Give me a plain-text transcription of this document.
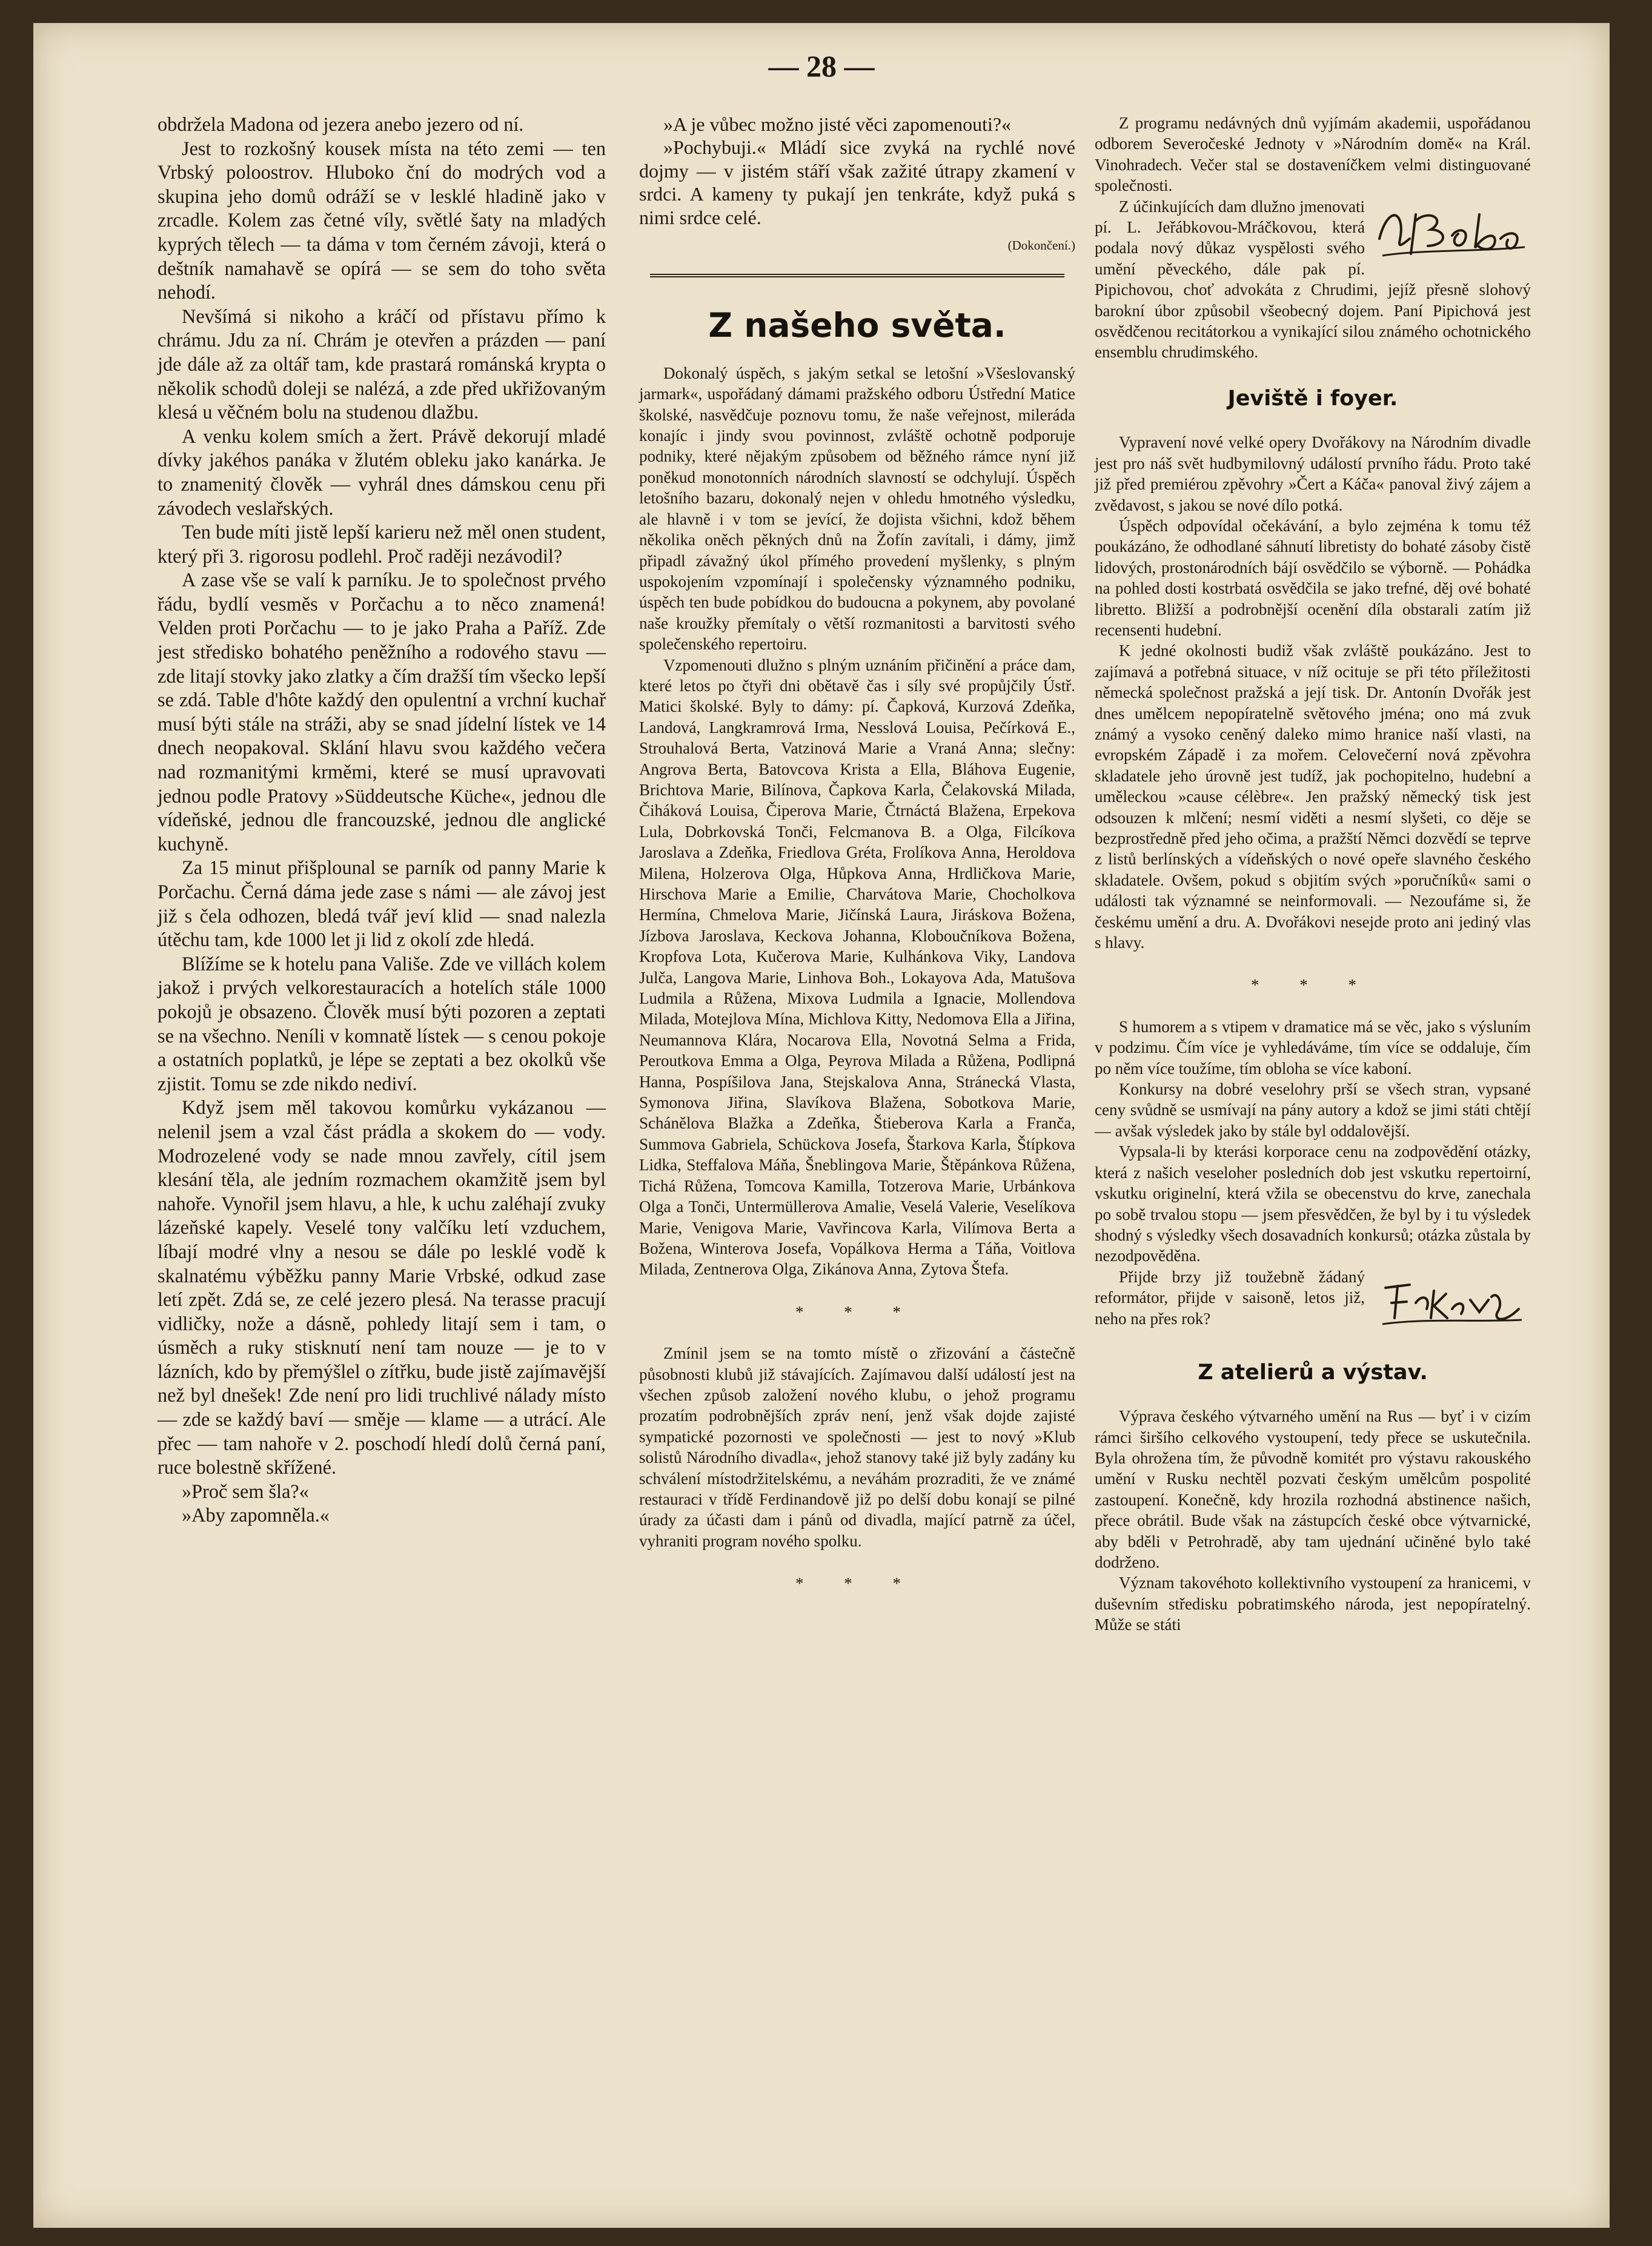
— 28 —

obdržela Madona od jezera anebo jezero od ní.

Jest to rozkošný kousek místa na této zemi — ten Vrbský poloostrov. Hluboko ční do modrých vod a skupina jeho domů odráží se v lesklé hladině jako v zrcadle. Kolem zas četné víly, světlé šaty na mladých kyprých tělech — ta dáma v tom černém závoji, která o deštník namahavě se opírá — se sem do toho světa nehodí.

Nevšímá si nikoho a kráčí od přístavu přímo k chrámu. Jdu za ní. Chrám je otevřen a prázden — paní jde dále až za oltář tam, kde prastará románská krypta o několik schodů doleji se nalézá, a zde před ukřižovaným klesá u věčném bolu na studenou dlažbu.

A venku kolem smích a žert. Právě dekorují mladé dívky jakéhos panáka v žlutém obleku jako kanárka. Je to znamenitý člověk — vyhrál dnes dámskou cenu při závodech veslařských.

Ten bude míti jistě lepší karieru než měl onen student, který při 3. rigorosu podlehl. Proč raději nezávodil?

A zase vše se valí k parníku. Je to společnost prvého řádu, bydlí vesměs v Porčachu a to něco znamená! Velden proti Porčachu — to je jako Praha a Paříž. Zde jest střediskо bohatého peněžního a rodového stavu — zde litají stovky jako zlatky a čím dražší tím všecko lepší se zdá. Table d'hôte každý den opulentní a vrchní kuchař musí býti stále na stráži, aby se snad jídelní lístek ve 14 dnech neopakoval. Sklání hlavu svou každého večera nad rozmanitými krměmi, které se musí upravovati jednou podle Pratovy »Süddeutsche Küche«, jednou dle vídeňské, jednou dle francouzské, jednou dle anglické kuchyně.

Za 15 minut přišplounal se parník od panny Marie k Porčachu. Černá dáma jede zase s námi — ale závoj jest již s čela odhozen, bledá tvář jeví klid — snad nalezla útěchu tam, kde 1000 let ji lid z okolí zde hledá.

Blížíme se k hotelu pana Vališe. Zde ve villách kolem jakož i prvých velkorestauracích a hotelích stále 1000 pokojů je obsazeno. Člověk musí býti pozoren a zeptati se na všechno. Neníli v komnatě lístek — s cenou pokoje a ostatních poplatků, je lépe se zeptati a bez okolků vše zjistit. Tomu se zde nikdo nediví.

Když jsem měl takovou komůrku vykázanou — nelenil jsem a vzal část prádla a skokem do — vody. Modrozelené vody se nade mnou zavřely, cítil jsem klesání těla, ale jedním rozmachem okamžitě jsem byl nahoře. Vynořil jsem hlavu, a hle, k uchu zaléhají zvuky lázeňské kapely. Veselé tony valčíku letí vzduchem, líbají modré vlny a nesou se dále po lesklé vodě k skalnatému výběžku panny Marie Vrbské, odkud zase letí zpět. Zdá se, ze celé jezero plesá. Na terasse pracují vidličky, nože a dásně, pohledy litají sem i tam, o úsměch a ruky stisknutí není tam nouze — je to v lázních, kdo by přemýšlel o zítřku, bude jistě zajímavější než byl dnešek! Zde není pro lidi truchlivé nálady místo — zde se každý baví — směje — klame — a utrácí. Ale přec — tam nahoře v 2. poschodí hledí dolů černá paní, ruce bolestně skřížené.

»Proč sem šla?«

»Aby zapomněla.«

»A je vůbec možno jisté věci zapomenouti?«

»Pochybuji.« Mládí sice zvyká na rychlé nové dojmy — v jistém stáří však zažité útrapy zkamení v srdci. A kameny ty pukají jen tenkráte, když puká s nimi srdce celé.

(Dokončení.)
Z našeho světa.

Dokonalý úspěch, s jakým setkal se letošní »Všeslovanský jarmark«, uspořádaný dámami pražského odboru Ústřední Matice školské, nasvědčuje poznovu tomu, že naše veřejnost, mileráda konajíc i jindy svou povinnost, zvláště ochotně podporuje podniky, které nějakým způsobem od běžného rámce nyní již poněkud monotonních národních slavností se odchylují. Úspěch letošního bazaru, dokonalý nejen v ohledu hmotného výsledku, ale hlavně i v tom se jevící, že dojista všichni, kdož během několika oněch pěkných dnů na Žofín zavítali, i dámy, jimž připadl závažný úkol přímého provedení myšlenky, s plným uspokojením vzpomínají i společensky významného podniku, úspěch ten bude pobídkou do budoucna a pokynem, aby povolané naše kroužky přemítaly o větší rozmanitosti a barvitosti svého společenského repertoiru.

Vzpomenouti dlužno s plným uznáním přičinění a práce dam, které letos po čtyři dni obětavě čas i síly své propůjčily Ústř. Matici školské. Byly to dámy: pí. Čapková, Kurzová Zdeňka, Landová, Langkramrová Irma, Nesslová Louisa, Pečírková E., Strouhalová Berta, Vatzinová Marie a Vraná Anna; slečny: Angrova Berta, Batovcova Krista a Ella, Bláhova Eugenie, Brichtova Marie, Bilínova, Čapkova Karla, Čelakovská Milada, Čiháková Louisa, Čiperova Marie, Čtrnáctá Blažena, Erpekova Lula, Dobrkovská Tonči, Felcmanova B. a Olga, Filcíkova Jaroslava a Zdeňka, Friedlova Gréta, Frolíkova Anna, Heroldova Milena, Holzerova Olga, Hůpkova Anna, Hrdličkova Marie, Hirschova Marie a Emilie, Charvátova Marie, Chocholkova Hermína, Chmelova Marie, Jičínská Laura, Jiráskova Božena, Jízbova Jaroslava, Keckova Johanna, Kloboučníkova Božena, Kropfova Lota, Kučerova Marie, Kulhánkova Viky, Landova Julča, Langova Marie, Linhova Boh., Lokayova Ada, Matušova Ludmila a Růžena, Mixova Ludmila a Ignacie, Mollendova Milada, Motejlova Mína, Michlova Kitty, Nedomova Ella a Jiřina, Neumannova Klára, Nocarova Ella, Novotná Selma a Frida, Peroutkova Emma a Olga, Peyrova Milada a Růžena, Podlipná Hanna, Pospíšilova Jana, Stejskalova Anna, Stránecká Vlasta, Symonova Jiřina, Slavíkova Blažena, Sobotkova Marie, Schánělova Blažka a Zdeňka, Štieberova Karla a Franča, Summova Gabriela, Schückova Josefa, Štarkova Karla, Štípkova Lidka, Steffalova Máňa, Šneblingova Marie, Štěpánkova Růžena, Tichá Růžena, Tomcova Kamilla, Totzerova Marie, Urbánkova Olga a Tonči, Untermüllerova Amalie, Veselá Valerie, Veselíkova Marie, Venigova Marie, Vavřincova Karla, Vilímova Berta a Božena, Winterova Josefa, Vopálkova Herma a Táňa, Voitlova Milada, Zentnerova Olga, Zikánova Anna, Zytova Štefa.

* * *

Zmínil jsem se na tomto místě o zřizování a částečně působnosti klubů již stávajících. Zajímavou další událostí jest na všechen způsob založení nového klubu, o jehož programu prozatím podrobnějších zpráv není, jenž však dojde zajisté sympatické pozornosti ve společnosti — jest to nový »Klub solistů Národního divadla«, jehož stanovy také již byly zadány ku schválení místodržitelskému, a neváhám prozraditi, že ve známé restauraci v třídě Ferdinandově již po delší dobu konají se pilné úrady za účasti dam i pánů od divadla, mající patrně za účel, vyhraniti program nového spolku.

* * *

Z programu nedávných dnů vyjímám akademii, uspořádanou odborem Severočeské Jednoty v »Národním domě« na Král. Vinohradech. Večer stal se dostaveníčkem velmi distinguované společnosti.

Z účinkujících dam dlužno jmenovati pí. L. Jeřábkovou-Mráčkovou, která podala nový důkaz vyspělosti svého umění pěveckého, dále pak pí. Pipichovou, choť advokáta z Chrudimi, jejíž přesně slohový barokní úbor způsobil všeobecný dojem. Paní Pipichová jest osvědčenou recitátorkou a vynikající silou známého ochotnického ensemblu chrudimského.

Jeviště i foyer.

Vypravení nové velké opery Dvořákovy na Národním divadle jest pro náš svět hudbymilovný událostí prvního řádu. Proto také již před premiérou zpěvohry »Čert a Káča« panoval živý zájem a zvědavost, s jakou se nové dílo potká.

Úspěch odpovídal očekávání, a bylo zejména k tomu též poukázáno, že odhodlané sáhnutí libretisty do bohaté zásoby čistě lidových, prostonárodních bájí osvědčilo se výborně. — Pohádka na pohled dosti kostrbatá osvědčila se jako trefné, děj ové bohaté libretto. Bližší a podrobnější ocenění díla obstarali zatím již recensenti hudební.

K jedné okolnosti budiž však zvláště poukázáno. Jest to zajímavá a potřebná situace, v níž ocituje se při této příležitosti německá společnost pražská a její tisk. Dr. Antonín Dvořák jest dnes umělcem nepopíratelně světového jména; ono má zvuk známý a vysoko ceněný daleko mimo hranice naší vlasti, na evropském Západě i za mořem. Celovečerní nová zpěvohra skladatele jeho úrovně jest tudíž, jak pochopitelno, hudební a uměleckou »cause célèbre«. Jen pražský německý tisk jest odsouzen k mlčení; nesmí viděti a nesmí slyšeti, co děje se bezprostředně před jeho očima, a pražští Němci dozvědí se teprve z listů berlínských a vídeňských o nové opeře slavného českého skladatele. Ovšem, pokud s objitím svých »poručníků« sami o události tak významné se neinformovali. — Nezoufáme si, že českému umění a dru. A. Dvořákovi nesejde proto ani jediný vlas s hlavy.

* * *

S humorem a s vtipem v dramatice má se věc, jako s výsluním v podzimu. Čím více je vyhledáváme, tím více se oddaluje, čím po něm více toužíme, tím obloha se více kaboní.

Konkursy na dobré veselohry prší se všech stran, vypsané ceny svůdně se usmívají na pány autory a kdož se jimi státi chtějí — avšak výsledek jako by stále byl oddalovější.

Vypsala-li by kterási korporace cenu na zodpovědění otázky, která z našich veseloher posledních dob jest vskutku repertoirní, vskutku originelní, která vžila se obecenstvu do krve, zanechala po sobě trvalou stopu — jsem přesvědčen, že byl by i tu výsledek shodný s výsledky všech dosavadních konkursů; otázka zůstala by nezodpověděna.

Přijde brzy již toužebně žádaný reformátor, přijde v saisoně, letos již, neho na přes rok?

Z atelierů a výstav.

Výprava českého výtvarného umění na Rus — byť i v cizím rámci širšího celkového vystoupení, tedy přece se uskutečnila. Byla ohrožena tím, že původně komitét pro výstavu rakouského umění v Rusku nechtěl pozvati českým umělcům pospolité zastoupení. Konečně, kdy hrozila rozhodná abstinence našich, přece obrátil. Bude však na zástupcích české obce výtvarnické, aby bděli v Petrohradě, aby tam ujednání učiněné bylo také dodrženo.

Význam takovéhoto kollektivního vystoupení za hranicemi, v duševním středisku pobratimského národa, jest nepopíratelný. Může se státi
